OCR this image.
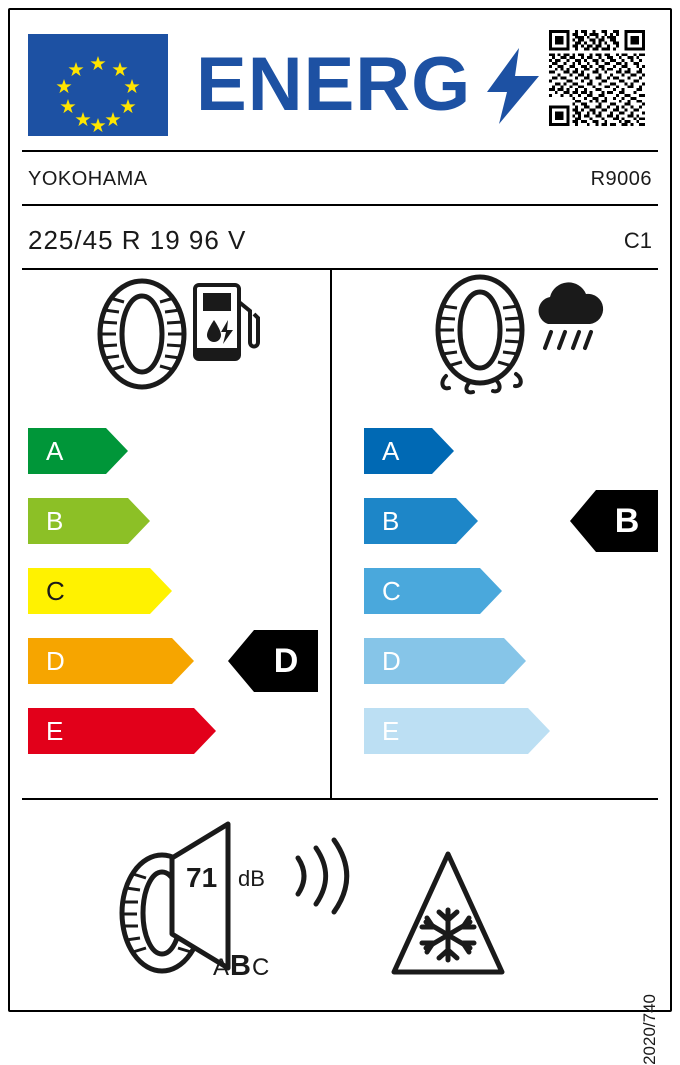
ENERG
YOKOHAMA	R9006
225/45 R 19 96 V	C1
A
B
C
D
E
D
A
B
C
D
E
B
71 dB
ABC
2020/740
